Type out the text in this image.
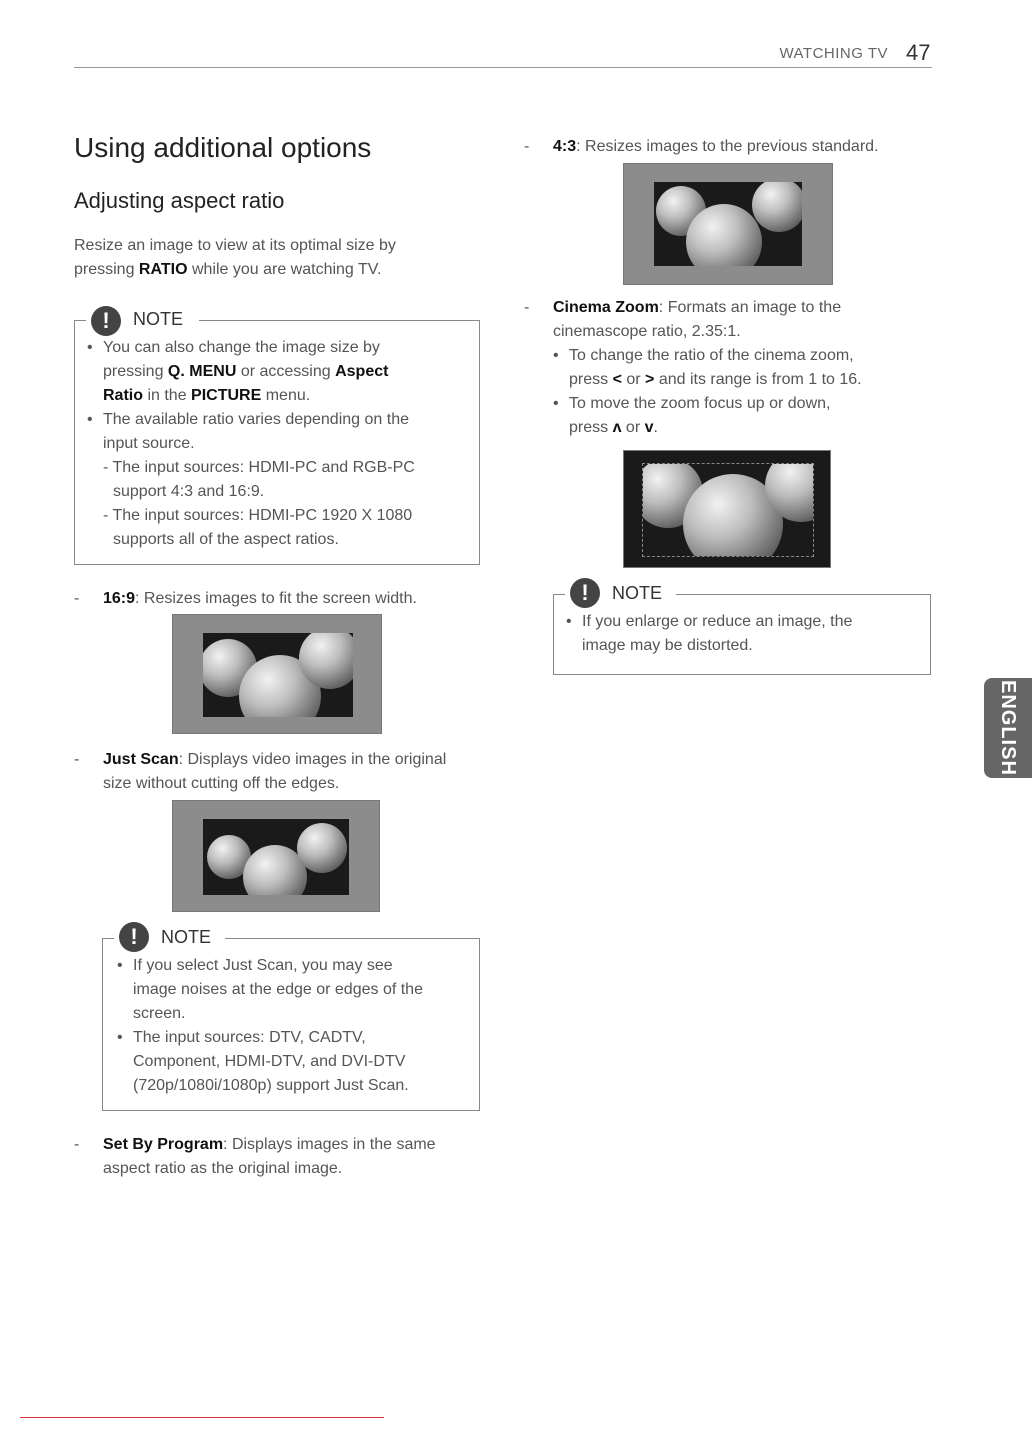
WATCHING TV 47
Using additional options
Adjusting aspect ratio
Resize an image to view at its optimal size by
pressing RATIO while you are watching TV.
!	NOTE
• You can also change the image size by
pressing Q. MENU or accessing Aspect
Ratio in the PICTURE menu.
• The available ratio varies depending on the
input source.
- The input sources: HDMI-PC and RGB-PC
support 4:3 and 16:9.
- The input sources: HDMI-PC 1920 X 1080
supports all of the aspect ratios.
- 16:9: Resizes images to fit the screen width.
- Just Scan: Displays video images in the original
size without cutting off the edges.
!	NOTE
• If you select Just Scan, you may see
image noises at the edge or edges of the
screen.
• The input sources: DTV, CADTV,
Component, HDMI-DTV, and DVI-DTV
(720p/1080i/1080p) support Just Scan.
- Set By Program: Displays images in the same
aspect ratio as the original image.
- 4:3: Resizes images to the previous standard.
- Cinema Zoom: Formats an image to the
cinemascope ratio, 2.35:1.
• To change the ratio of the cinema zoom,
press < or > and its range is from 1 to 16.
• To move the zoom focus up or down,
press ʌ or v.
!	NOTE
• If you enlarge or reduce an image, the
image may be distorted.
ENGLISH
